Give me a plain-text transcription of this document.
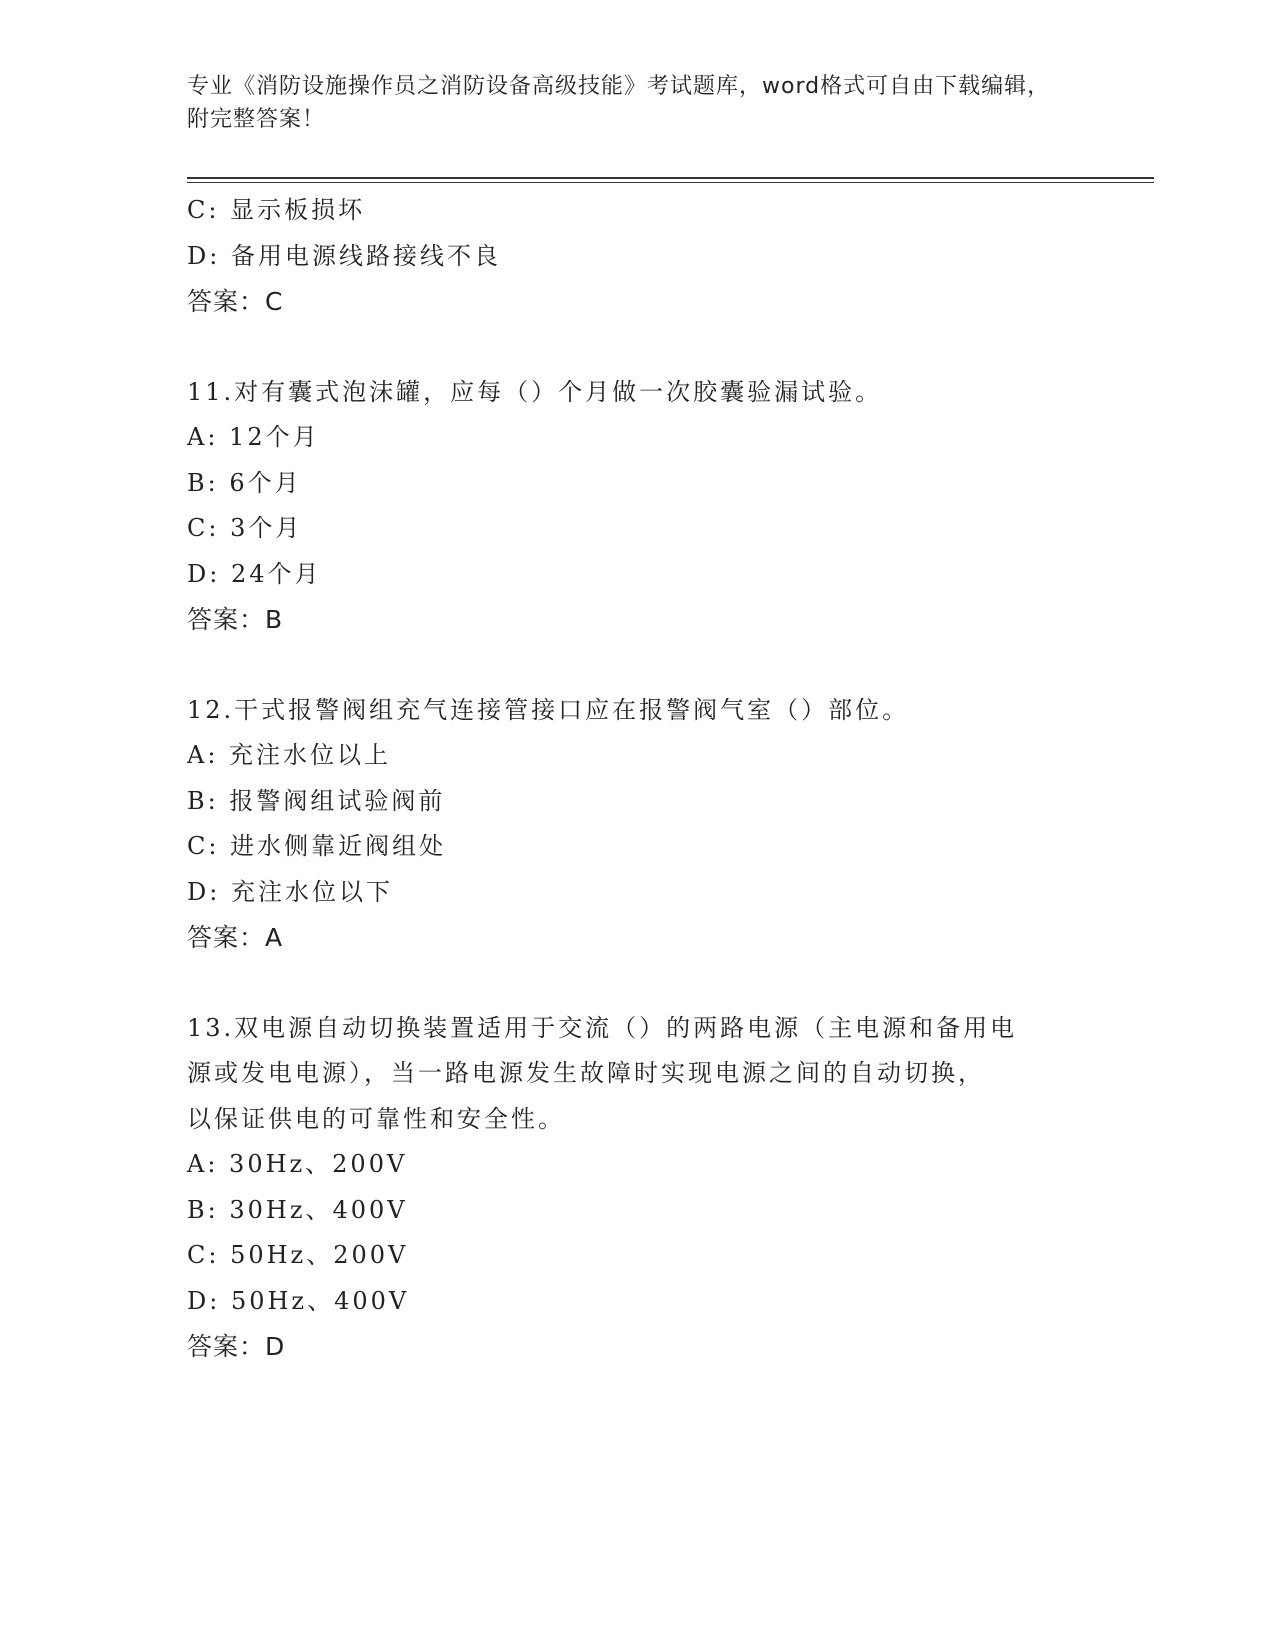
专业《消防设施操作员之消防设备高级技能》考试题库，word格式可自由下载编辑，附完整答案！
C: 显示板损坏
D: 备用电源线路接线不良
答案：C
11.对有囊式泡沫罐，应每（）个月做一次胶囊验漏试验。
A: 12个月
B: 6个月
C: 3个月
D: 24个月
答案：B
12.干式报警阀组充气连接管接口应在报警阀气室（）部位。
A: 充注水位以上
B: 报警阀组试验阀前
C: 进水侧靠近阀组处
D: 充注水位以下
答案：A
13.双电源自动切换装置适用于交流（）的两路电源（主电源和备用电
源或发电电源），当一路电源发生故障时实现电源之间的自动切换，
以保证供电的可靠性和安全性。
A: 30Hz、200V
B: 30Hz、400V
C: 50Hz、200V
D: 50Hz、400V
答案：D
